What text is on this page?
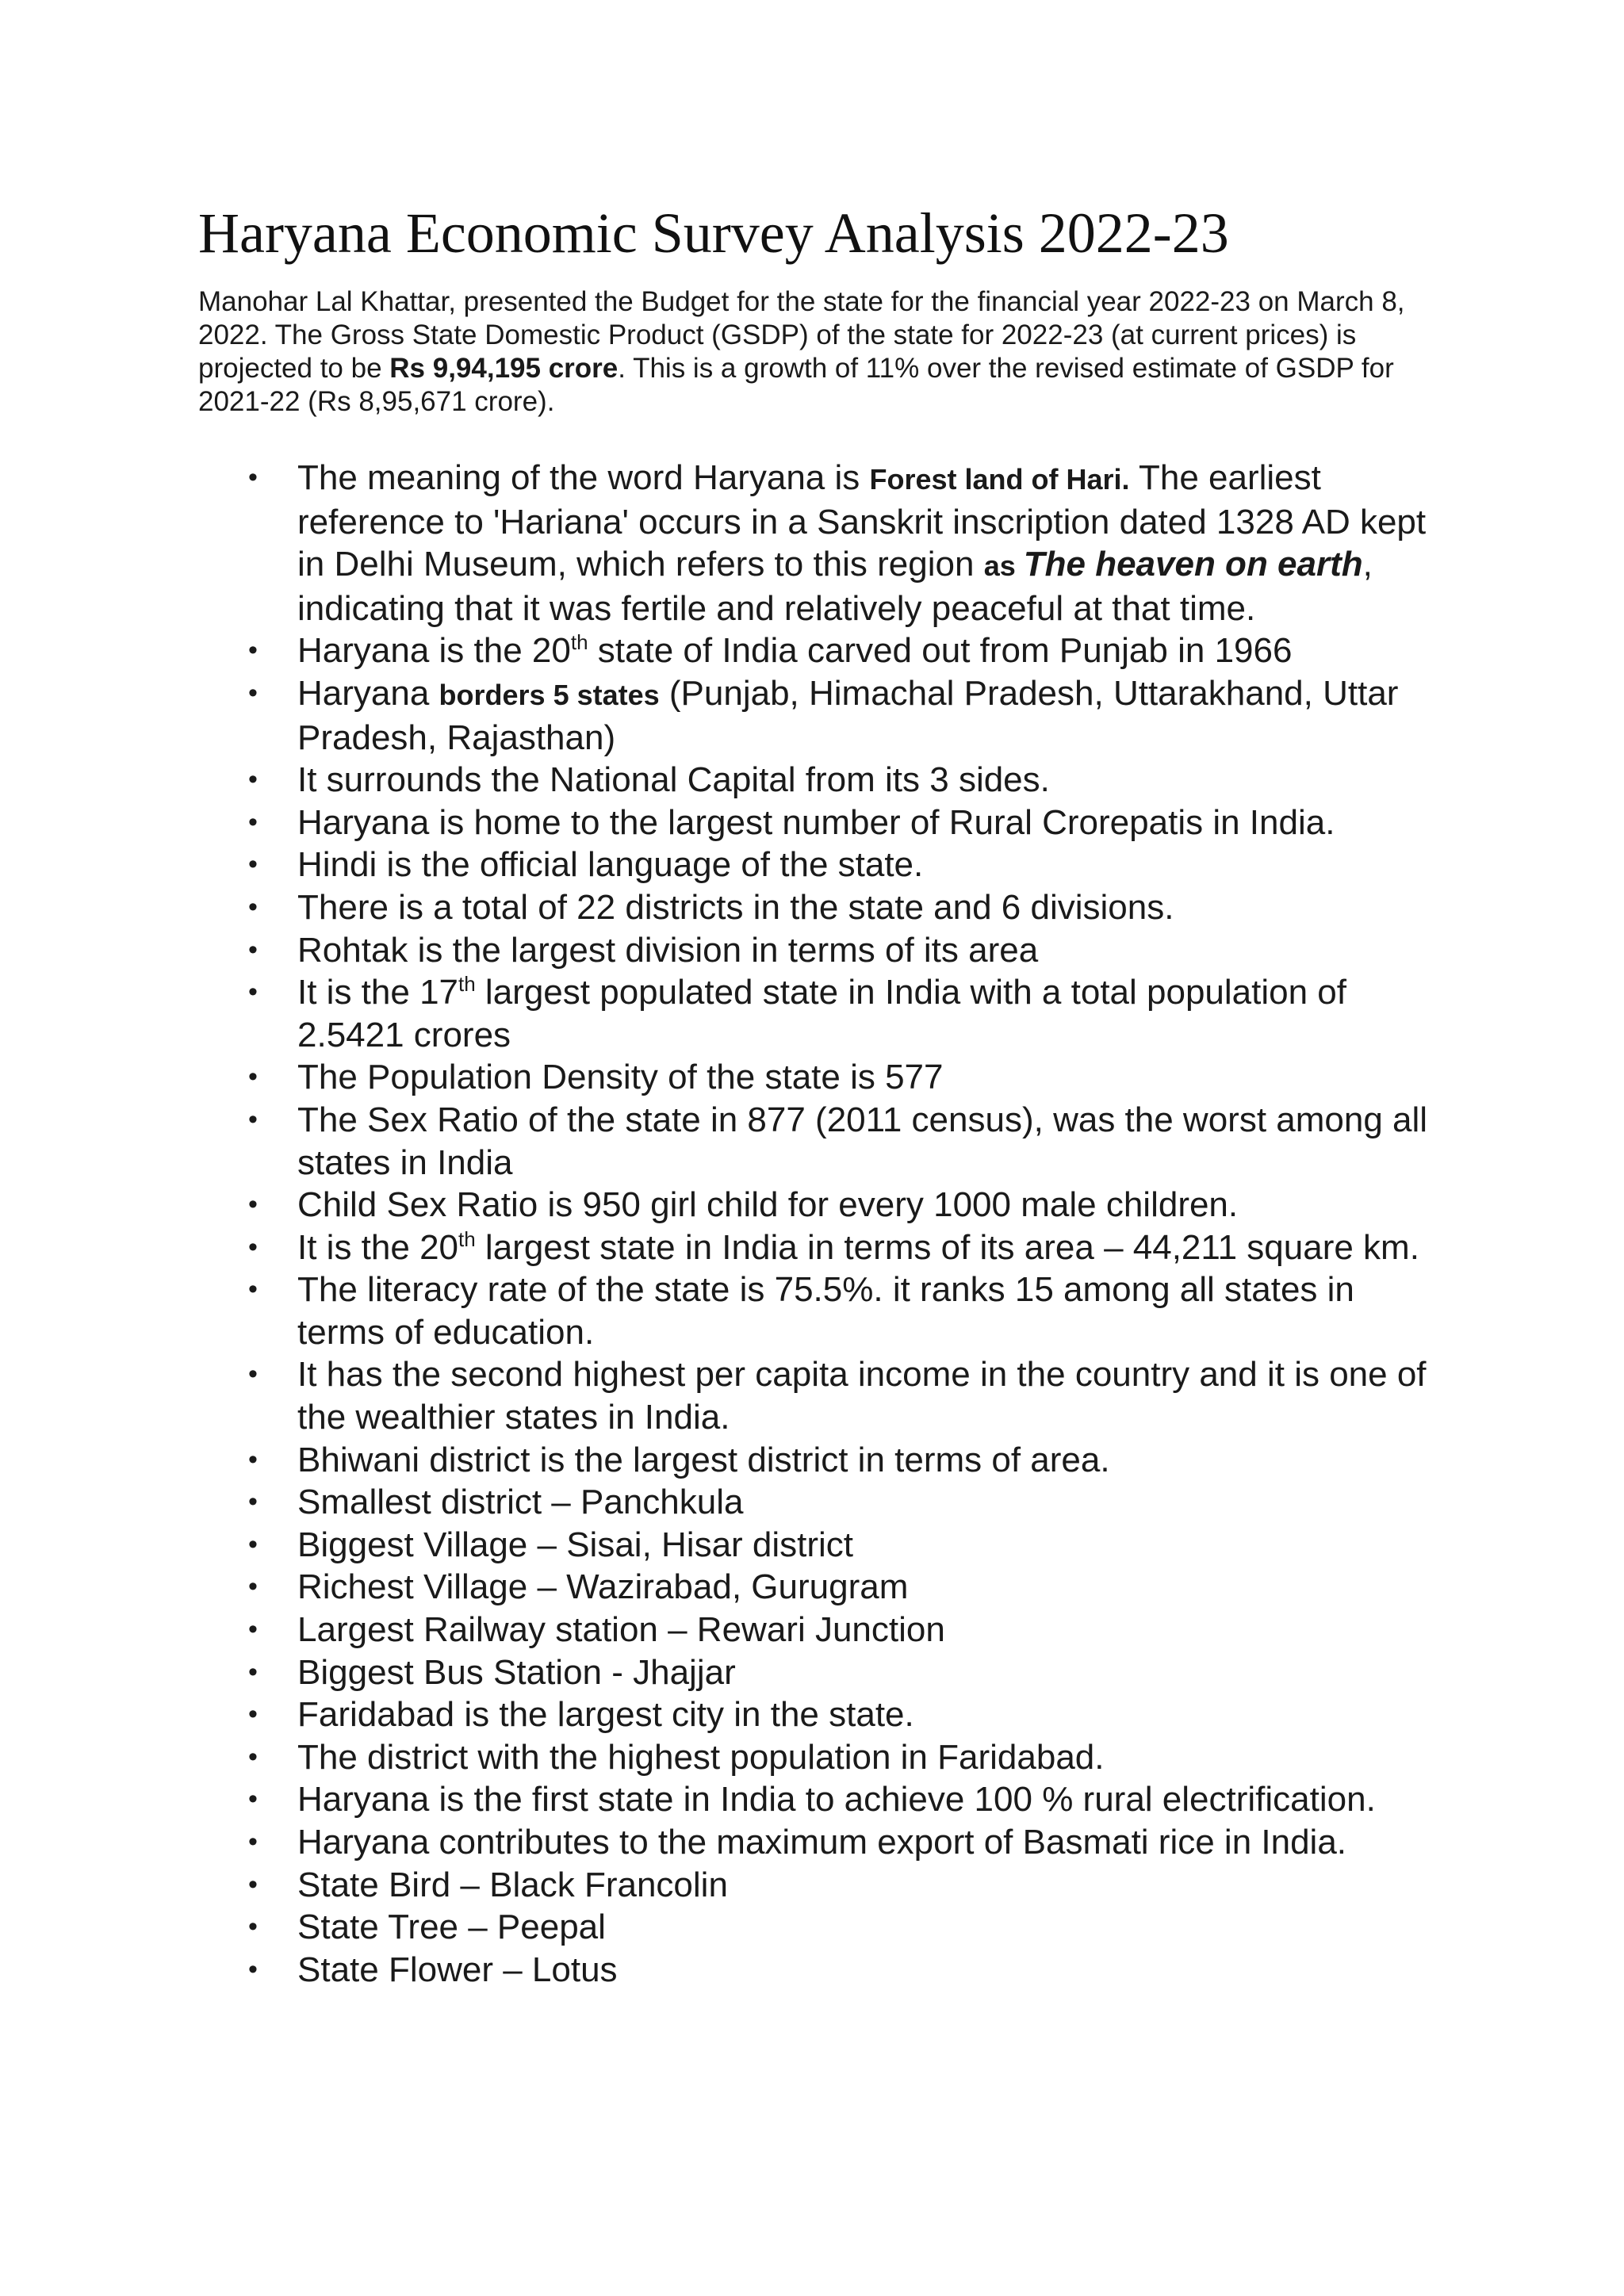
Haryana Economic Survey Analysis 2022-23

Manohar Lal Khattar, presented the Budget for the state for the financial year 2022-23 on March 8, 2022. The Gross State Domestic Product (GSDP) of the state for 2022-23 (at current prices) is projected to be Rs 9,94,195 crore. This is a growth of 11% over the revised estimate of GSDP for 2021-22 (Rs 8,95,671 crore).

• The meaning of the word Haryana is Forest land of Hari. The earliest reference to 'Hariana' occurs in a Sanskrit inscription dated 1328 AD kept in Delhi Museum, which refers to this region as The heaven on earth, indicating that it was fertile and relatively peaceful at that time.
• Haryana is the 20th state of India carved out from Punjab in 1966
• Haryana borders 5 states (Punjab, Himachal Pradesh, Uttarakhand, Uttar Pradesh, Rajasthan)
• It surrounds the National Capital from its 3 sides.
• Haryana is home to the largest number of Rural Crorepatis in India.
• Hindi is the official language of the state.
• There is a total of 22 districts in the state and 6 divisions.
• Rohtak is the largest division in terms of its area
• It is the 17th largest populated state in India with a total population of 2.5421 crores
• The Population Density of the state is 577
• The Sex Ratio of the state in 877 (2011 census), was the worst among all states in India
• Child Sex Ratio is 950 girl child for every 1000 male children.
• It is the 20th largest state in India in terms of its area – 44,211 square km.
• The literacy rate of the state is 75.5%. it ranks 15 among all states in terms of education.
• It has the second highest per capita income in the country and it is one of the wealthier states in India.
• Bhiwani district is the largest district in terms of area.
• Smallest district – Panchkula
• Biggest Village – Sisai, Hisar district
• Richest Village – Wazirabad, Gurugram
• Largest Railway station – Rewari Junction
• Biggest Bus Station - Jhajjar
• Faridabad is the largest city in the state.
• The district with the highest population in Faridabad.
• Haryana is the first state in India to achieve 100 % rural electrification.
• Haryana contributes to the maximum export of Basmati rice in India.
• State Bird – Black Francolin
• State Tree – Peepal
• State Flower – Lotus
